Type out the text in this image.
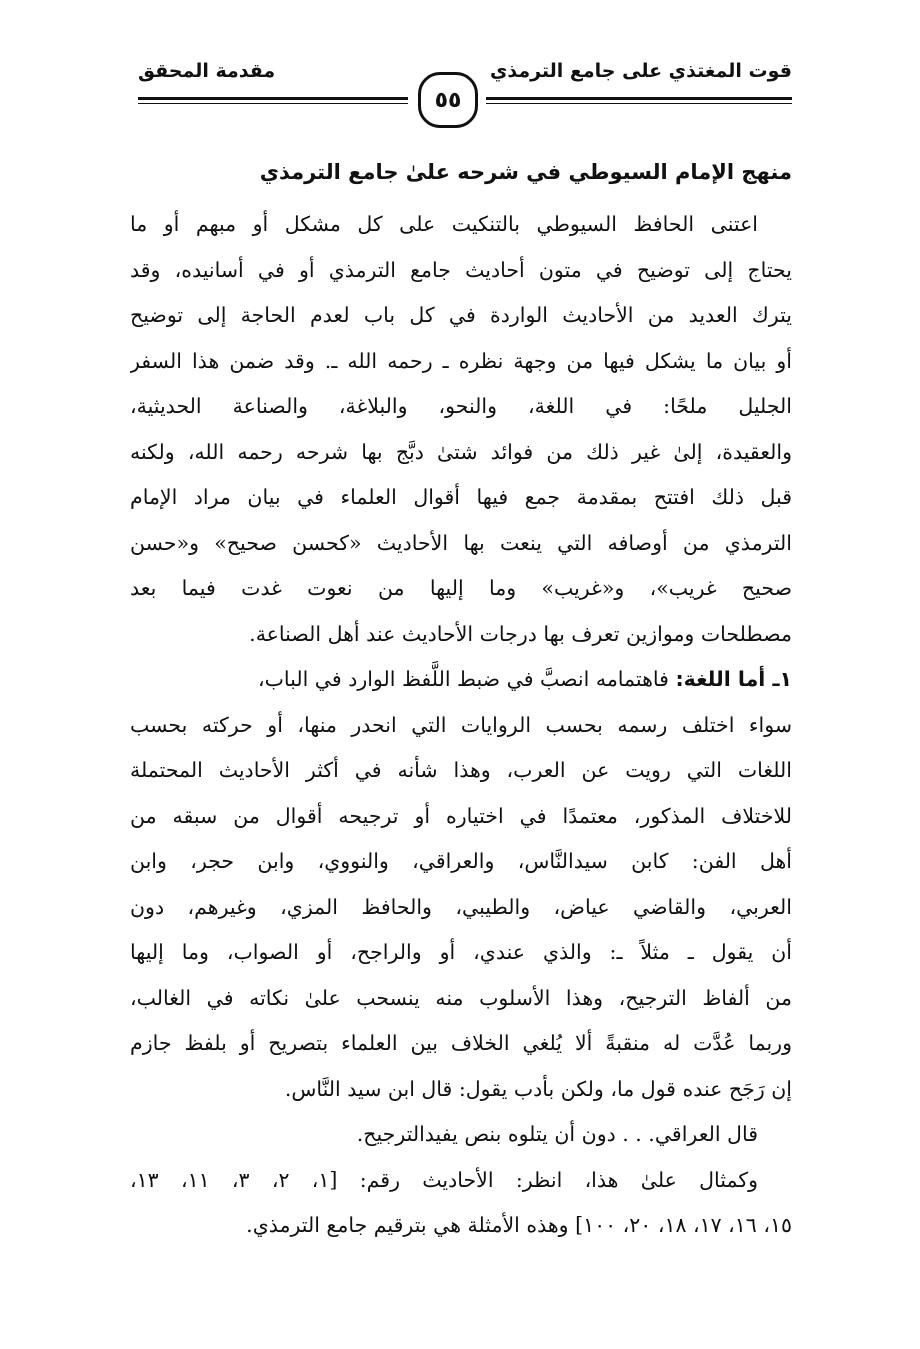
قوت المغتذي على جامع الترمذي
مقدمة المحقق
٥٥
منهج الإمام السيوطي في شرحه علىٰ جامع الترمذي
اعتنى الحافظ السيوطي بالتنكيت على كل مشكل أو مبهم أو ما
يحتاج إلى توضيح في متون أحاديث جامع الترمذي أو في أسانيده، وقد
يترك العديد من الأحاديث الواردة في كل باب لعدم الحاجة إلى توضيح
أو بيان ما يشكل فيها من وجهة نظره ـ رحمه الله ـ. وقد ضمن هذا السفر
الجليل ملحًا: في اللغة، والنحو، والبلاغة، والصناعة الحديثية،
والعقيدة، إلىٰ غير ذلك من فوائد شتىٰ دبَّج بها شرحه رحمه الله، ولكنه
قبل ذلك افتتح بمقدمة جمع فيها أقوال العلماء في بيان مراد الإمام
الترمذي من أوصافه التي ينعت بها الأحاديث «كحسن صحيح» و«حسن
صحيح غريب»، و«غريب» وما إليها من نعوت غدت فيما بعد
مصطلحات وموازين تعرف بها درجات الأحاديث عند أهل الصناعة.
١ـ أما اللغة: فاهتمامه انصبَّ في ضبط اللَّفظ الوارد في الباب،
سواء اختلف رسمه بحسب الروايات التي انحدر منها، أو حركته بحسب
اللغات التي رويت عن العرب، وهذا شأنه في أكثر الأحاديث المحتملة
للاختلاف المذكور، معتمدًا في اختياره أو ترجيحه أقوال من سبقه من
أهل الفن: كابن سيدالنَّاس، والعراقي، والنووي، وابن حجر، وابن
العربي، والقاضي عياض، والطيبي، والحافظ المزي، وغيرهم، دون
أن يقول ـ مثلاً ـ: والذي عندي، أو والراجح، أو الصواب، وما إليها
من ألفاظ الترجيح، وهذا الأسلوب منه ينسحب علىٰ نكاته في الغالب،
وربما عُدَّت له منقبةً ألا يُلغي الخلاف بين العلماء بتصريح أو بلفظ جازم
إن رَجَح عنده قول ما، ولكن بأدب يقول: قال ابن سيد النَّاس.
قال العراقي. . . دون أن يتلوه بنص يفيدالترجيح.
وكمثال علىٰ هذا، انظر: الأحاديث رقم: [١، ٢، ٣، ١١، ١٣،
١٥، ١٦، ١٧، ١٨، ٢٠، ١٠٠] وهذه الأمثلة هي بترقيم جامع الترمذي.
